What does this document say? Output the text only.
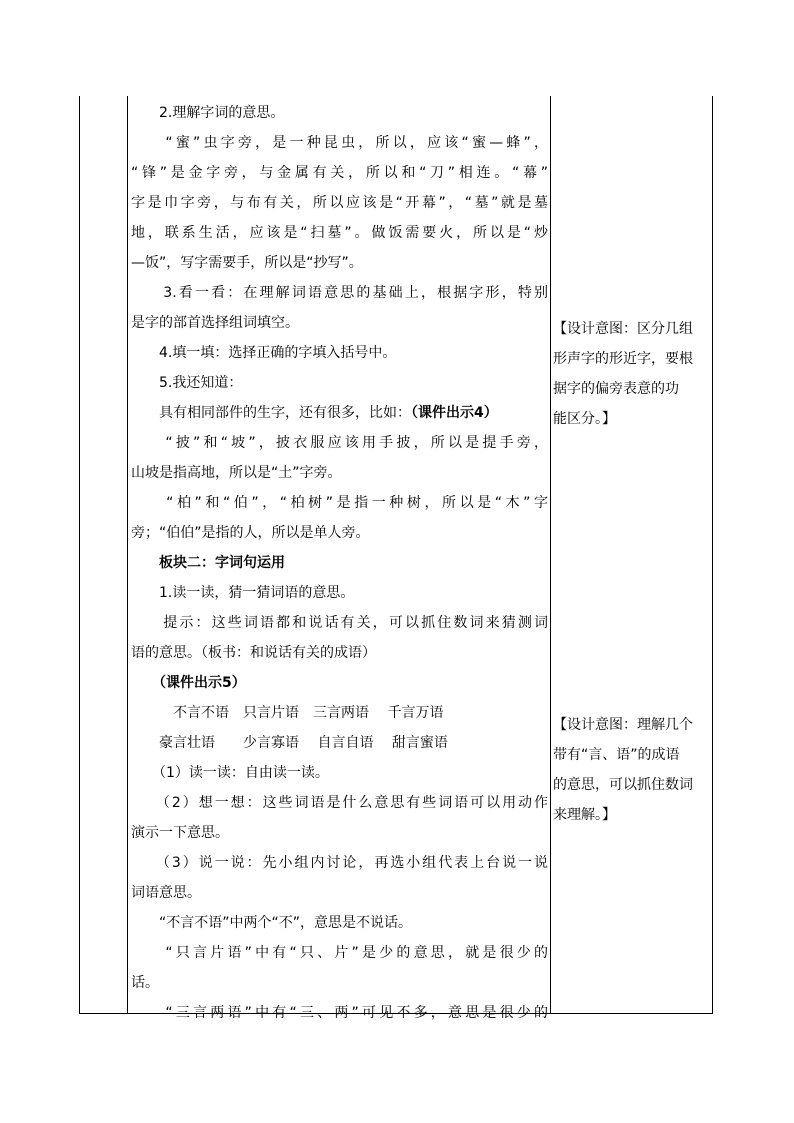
　　2.理解字词的意思。
　　“蜜”虫字旁，是一种昆虫，所以，应该“蜜—蜂”，
“锋”是金字旁，与金属有关，所以和“刀”相连。“幕”
字是巾字旁，与布有关，所以应该是“开幕”，“墓”就是墓
地，联系生活，应该是“扫墓”。做饭需要火，所以是“炒
—饭”，写字需要手，所以是“抄写”。
　　3.看一看：在理解词语意思的基础上，根据字形，特别
是字的部首选择组词填空。
　　4.填一填：选择正确的字填入括号中。
　　5.我还知道：
　　具有相同部件的生字，还有很多，比如：（课件出示4）
　　“披”和“坡”，披衣服应该用手披，所以是提手旁，
山坡是指高地，所以是“土”字旁。
　　“柏”和“伯”，“柏树”是指一种树，所以是“木”字
旁；“伯伯”是指的人，所以是单人旁。
　　板块二：字词句运用
　　1.读一读，猜一猜词语的意思。
　　提示：这些词语都和说话有关，可以抓住数词来猜测词
语的意思。（板书：和说话有关的成语）
　　（课件出示5）
　　　不言不语　只言片语　三言两语　 千言万语
　　豪言壮语　　少言寡语　 自言自语　 甜言蜜语
　　（1）读一读：自由读一读。
　　（2）想一想：这些词语是什么意思有些词语可以用动作
演示一下意思。
　　（3）说一说：先小组内讨论，再选小组代表上台说一说
词语意思。
　　“不言不语”中两个“不”，意思是不说话。
　　“只言片语”中有“只、片”是少的意思，就是很少的
话。
　　“三言两语”中有“三、两”可见不多，意思是很少的
【设计意图：区分几组
形声字的形近字，要根
据字的偏旁表意的功
能区分。】
【设计意图：理解几个
带有“言、语”的成语
的意思，可以抓住数词
来理解。】
